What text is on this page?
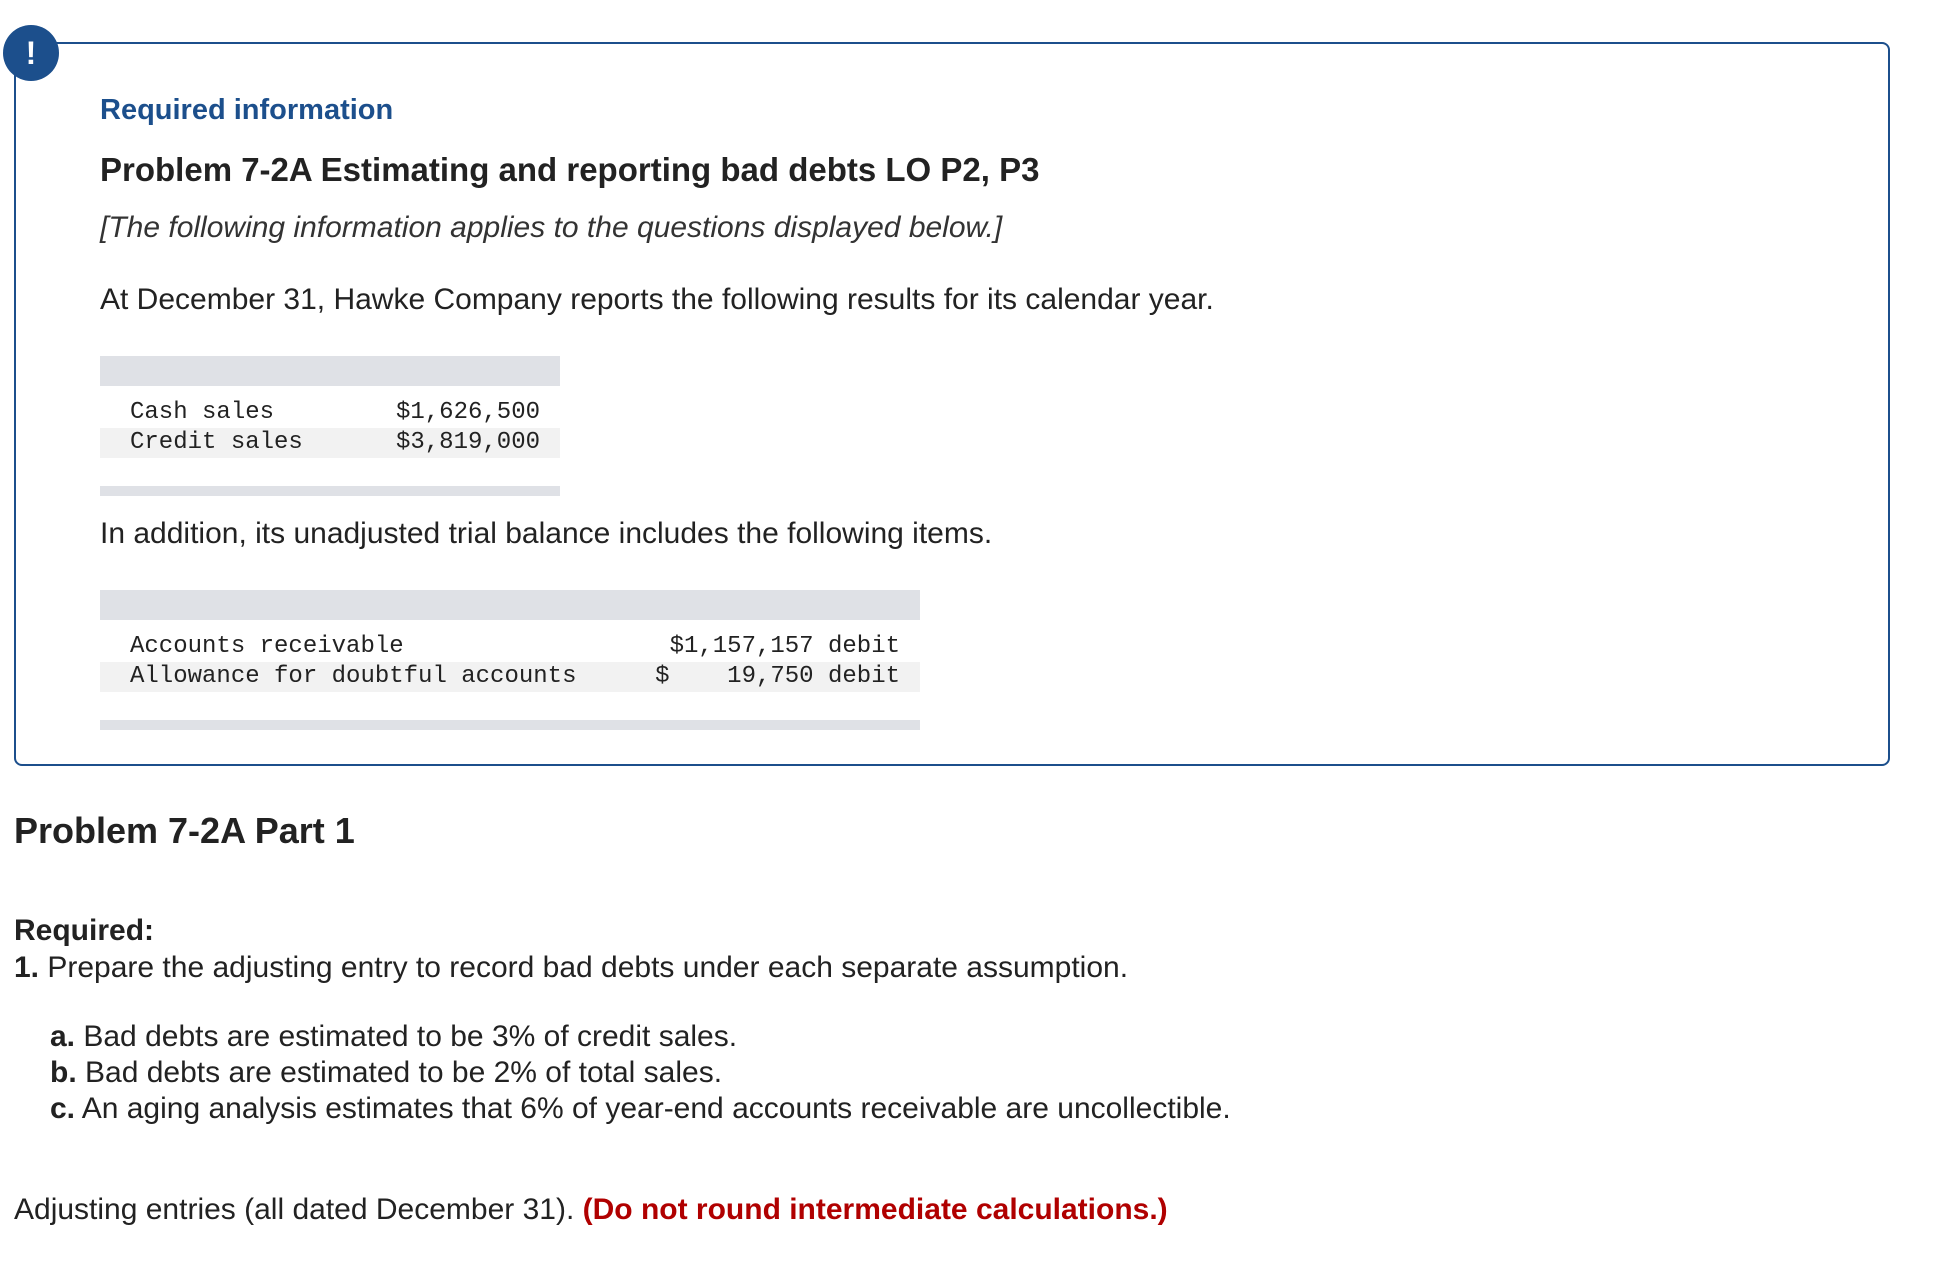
!
Required information
Problem 7-2A Estimating and reporting bad debts LO P2, P3
[The following information applies to the questions displayed below.]
At December 31, Hawke Company reports the following results for its calendar year.
Cash sales	$1,626,500
Credit sales	$3,819,000
In addition, its unadjusted trial balance includes the following items.
Accounts receivable	$1,157,157 debit
Allowance for doubtful accounts	$    19,750 debit
Problem 7-2A Part 1
Required:
1. Prepare the adjusting entry to record bad debts under each separate assumption.
a. Bad debts are estimated to be 3% of credit sales.
b. Bad debts are estimated to be 2% of total sales.
c. An aging analysis estimates that 6% of year-end accounts receivable are uncollectible.
Adjusting entries (all dated December 31). (Do not round intermediate calculations.)
